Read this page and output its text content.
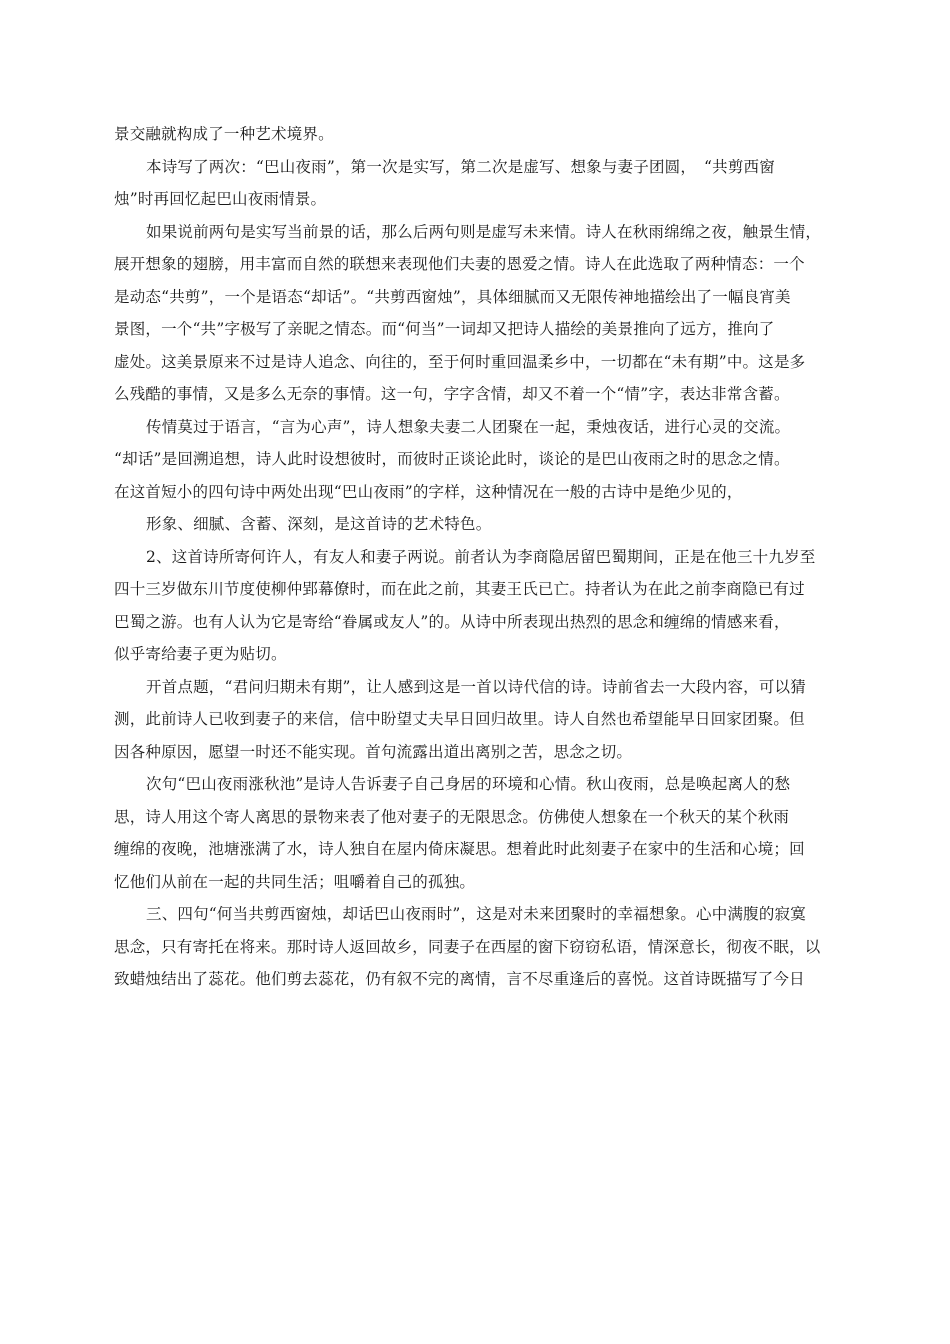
景交融就构成了一种艺术境界。
本诗写了两次：“巴山夜雨”，第一次是实写，第二次是虚写、想象与妻子团圆，　“共剪西窗
烛”时再回忆起巴山夜雨情景。
如果说前两句是实写当前景的话，那么后两句则是虚写未来情。诗人在秋雨绵绵之夜，触景生情，
展开想象的翅膀，用丰富而自然的联想来表现他们夫妻的恩爱之情。诗人在此选取了两种情态：一个
是动态“共剪”，一个是语态“却话”。“共剪西窗烛”，具体细腻而又无限传神地描绘出了一幅良宵美
景图，一个“共”字极写了亲昵之情态。而“何当”一词却又把诗人描绘的美景推向了远方，推向了
虚处。这美景原来不过是诗人追念、向往的，至于何时重回温柔乡中，一切都在“未有期”中。这是多
么残酷的事情，又是多么无奈的事情。这一句，字字含情，却又不着一个“情”字，表达非常含蓄。
传情莫过于语言，“言为心声”，诗人想象夫妻二人团聚在一起，秉烛夜话，进行心灵的交流。
“却话”是回溯追想，诗人此时设想彼时，而彼时正谈论此时，谈论的是巴山夜雨之时的思念之情。
在这首短小的四句诗中两处出现“巴山夜雨”的字样，这种情况在一般的古诗中是绝少见的，
形象、细腻、含蓄、深刻，是这首诗的艺术特色。
2、这首诗所寄何许人，有友人和妻子两说。前者认为李商隐居留巴蜀期间，正是在他三十九岁至
四十三岁做东川节度使柳仲郢幕僚时，而在此之前，其妻王氏已亡。持者认为在此之前李商隐已有过
巴蜀之游。也有人认为它是寄给“眷属或友人”的。从诗中所表现出热烈的思念和缠绵的情感来看，
似乎寄给妻子更为贴切。
开首点题，“君问归期未有期”，让人感到这是一首以诗代信的诗。诗前省去一大段内容，可以猜
测，此前诗人已收到妻子的来信，信中盼望丈夫早日回归故里。诗人自然也希望能早日回家团聚。但
因各种原因，愿望一时还不能实现。首句流露出道出离别之苦，思念之切。
次句“巴山夜雨涨秋池”是诗人告诉妻子自己身居的环境和心情。秋山夜雨，总是唤起离人的愁
思，诗人用这个寄人离思的景物来表了他对妻子的无限思念。仿佛使人想象在一个秋天的某个秋雨
缠绵的夜晚，池塘涨满了水，诗人独自在屋内倚床凝思。想着此时此刻妻子在家中的生活和心境；回
忆他们从前在一起的共同生活；咀嚼着自己的孤独。
三、四句“何当共剪西窗烛，却话巴山夜雨时”，这是对未来团聚时的幸福想象。心中满腹的寂寞
思念，只有寄托在将来。那时诗人返回故乡，同妻子在西屋的窗下窃窃私语，情深意长，彻夜不眠，以
致蜡烛结出了蕊花。他们剪去蕊花，仍有叙不完的离情，言不尽重逢后的喜悦。这首诗既描写了今日
